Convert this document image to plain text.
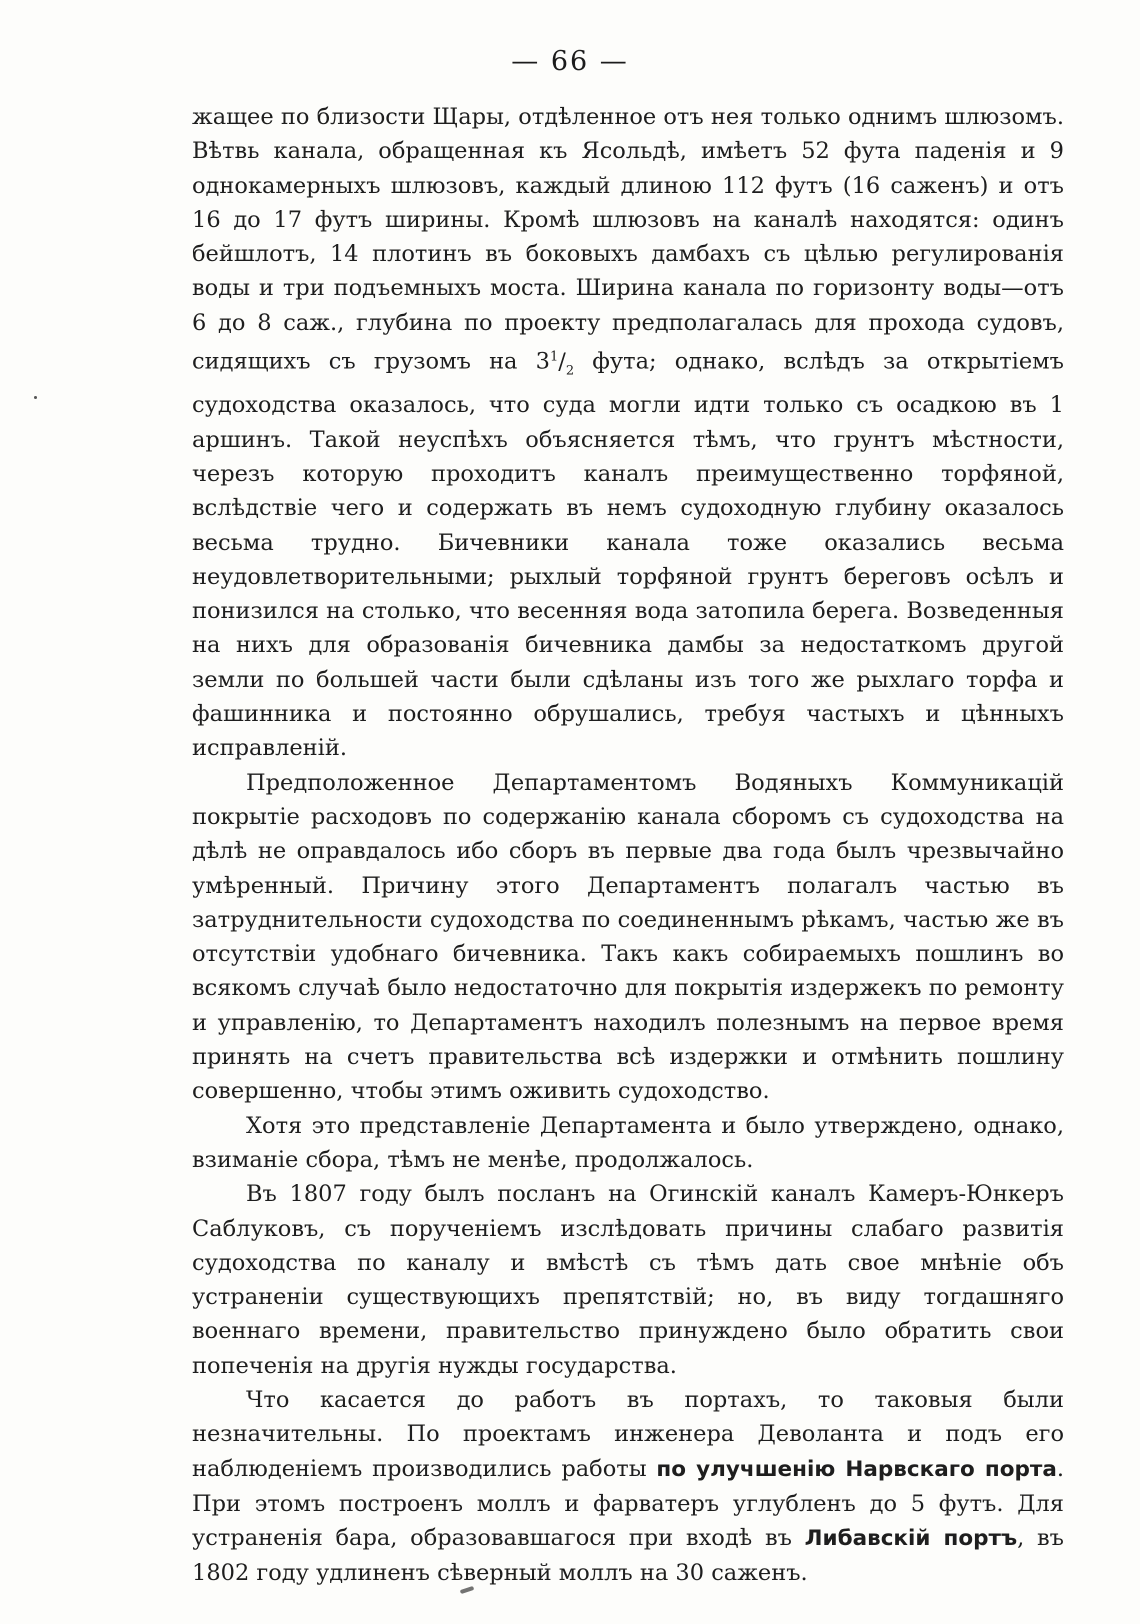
— 66 —

жащее по близости Щары, отдѣленное отъ нея только однимъ шлюзомъ. Вѣтвь канала, обращенная къ Ясольдѣ, имѣетъ 52 фута паденія и 9 однокамерныхъ шлюзовъ, каждый длиною 112 футъ (16 саженъ) и отъ 16 до 17 футъ ширины. Кромѣ шлюзовъ на каналѣ находятся: одинъ бейшлотъ, 14 плотинъ въ боковыхъ дамбахъ съ цѣлью регулированія воды и три подъемныхъ моста. Ширина канала по горизонту воды—отъ 6 до 8 саж., глубина по проекту предполагалась для прохода судовъ, сидящихъ съ грузомъ на $3^1/_2$ фута; однако, вслѣдъ за открытіемъ судоходства оказалось, что суда могли идти только съ осадкою въ 1 аршинъ. Такой неуспѣхъ объясняется тѣмъ, что грунтъ мѣстности, черезъ которую проходитъ каналъ преимущественно торфяной, вслѣдствіе чего и содержать въ немъ судоходную глубину оказалось весьма трудно. Бичевники канала тоже оказались весьма неудовлетворительными; рыхлый торфяной грунтъ береговъ осѣлъ и понизился на столько, что весенняя вода затопила берега. Возведенныя на нихъ для образованія бичевника дамбы за недостаткомъ другой земли по большей части были сдѣланы изъ того же рыхлаго торфа и фашинника и постоянно обрушались, требуя частыхъ и цѣнныхъ исправленій.

Предположенное Департаментомъ Водяныхъ Коммуникацій покрытіе расходовъ по содержанію канала сборомъ съ судоходства на дѣлѣ не оправдалось ибо сборъ въ первые два года былъ чрезвычайно умѣренный. Причину этого Департаментъ полагалъ частью въ затруднительности судоходства по соединеннымъ рѣкамъ, частью же въ отсутствіи удобнаго бичевника. Такъ какъ собираемыхъ пошлинъ во всякомъ случаѣ было недостаточно для покрытія издержекъ по ремонту и управленію, то Департаментъ находилъ полезнымъ на первое время принять на счетъ правительства всѣ издержки и отмѣнить пошлину совершенно, чтобы этимъ оживить судоходство.

Хотя это представленіе Департамента и было утверждено, однако, взиманіе сбора, тѣмъ не менѣе, продолжалось.

Въ 1807 году былъ посланъ на Огинскій каналъ Камеръ-Юнкеръ Саблуковъ, съ порученіемъ изслѣдовать причины слабаго развитія судоходства по каналу и вмѣстѣ съ тѣмъ дать свое мнѣніе объ устраненіи существующихъ препятствій; но, въ виду тогдашняго военнаго времени, правительство принуждено было обратить свои попеченія на другія нужды государства.

Что касается до работъ въ портахъ, то таковыя были незначительны. По проектамъ инженера Деволанта и подъ его наблюденіемъ производились работы по улучшенію Нарвскаго порта. При этомъ построенъ моллъ и фарватеръ углубленъ до 5 футъ. Для устраненія бара, образовавшагося при входѣ въ Либавскій портъ, въ 1802 году удлиненъ сѣверный моллъ на 30 саженъ.
